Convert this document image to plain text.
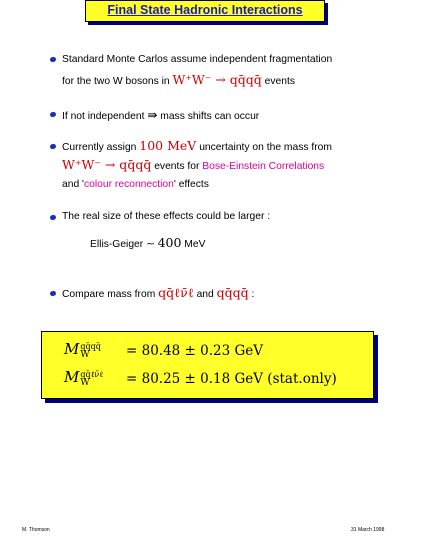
Final State Hadronic Interactions
Standard Monte Carlos assume independent fragmentation
for the two W bosons in W⁺W⁻ → qq̄qq̄ events
If not independent ⇛ mass shifts can occur
Currently assign 100 MeV uncertainty on the mass from
W⁺W⁻ → qq̄qq̄ events for Bose-Einstein Correlations
and 'colour reconnection' effects
The real size of these effects could be larger :
Ellis-Geiger ∼ 400 MeV
Compare mass from qq̄ℓν̄ℓ and qq̄qq̄ :
M qq̄qq̄
W	= 80.48 ± 0.23 GeV
M qq̄ℓν̄ℓ
W	= 80.25 ± 0.18 GeV (stat.only)
M. Thomson	31 March 1998
